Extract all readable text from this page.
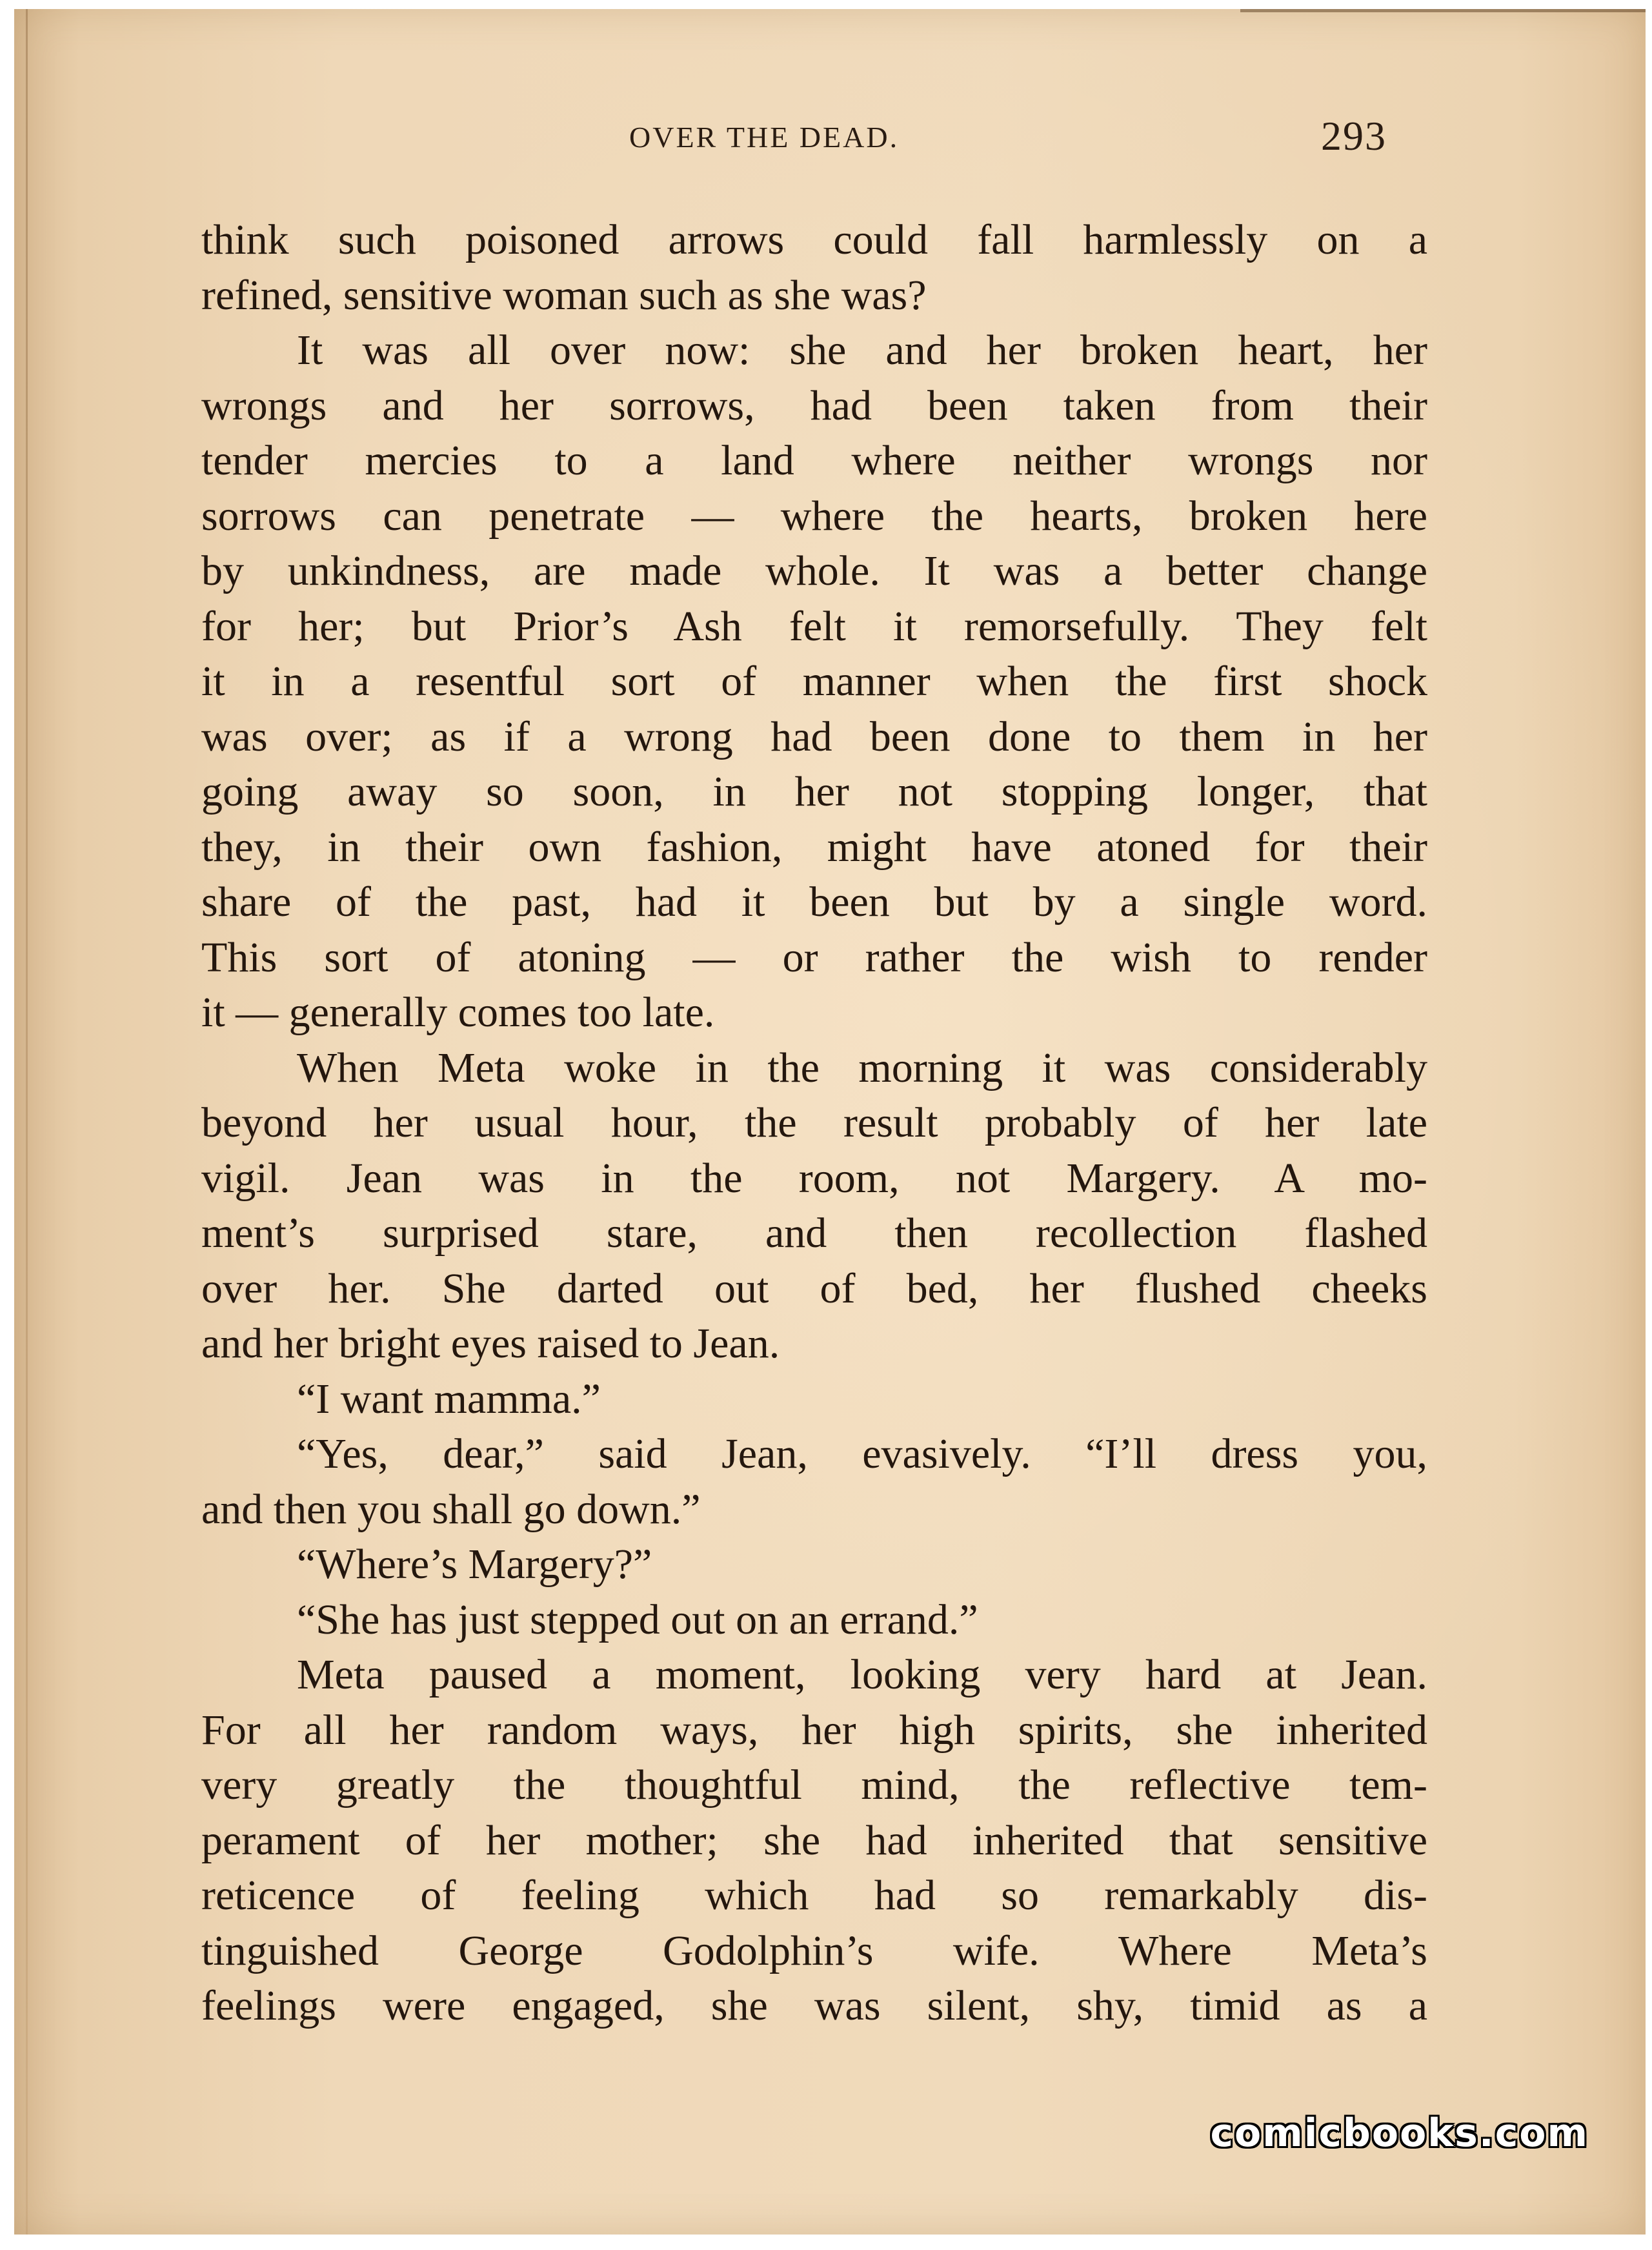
OVER THE DEAD.	293
think such poisoned arrows could fall harmlessly on a
refined, sensitive woman such as she was?
It was all over now: she and her broken heart, her
wrongs and her sorrows, had been taken from their
tender mercies to a land where neither wrongs nor
sorrows can penetrate — where the hearts, broken here
by unkindness, are made whole. It was a better change
for her; but Prior’s Ash felt it remorsefully. They felt
it in a resentful sort of manner when the first shock
was over; as if a wrong had been done to them in her
going away so soon, in her not stopping longer, that
they, in their own fashion, might have atoned for their
share of the past, had it been but by a single word.
This sort of atoning — or rather the wish to render
it — generally comes too late.
When Meta woke in the morning it was considerably
beyond her usual hour, the result probably of her late
vigil. Jean was in the room, not Margery. A mo-
ment’s surprised stare, and then recollection flashed
over her. She darted out of bed, her flushed cheeks
and her bright eyes raised to Jean.
“I want mamma.”
“Yes, dear,” said Jean, evasively. “I’ll dress you,
and then you shall go down.”
“Where’s Margery?”
“She has just stepped out on an errand.”
Meta paused a moment, looking very hard at Jean.
For all her random ways, her high spirits, she inherited
very greatly the thoughtful mind, the reflective tem-
perament of her mother; she had inherited that sensitive
reticence of feeling which had so remarkably dis-
tinguished George Godolphin’s wife. Where Meta’s
feelings were engaged, she was silent, shy, timid as a
comicbooks.com
